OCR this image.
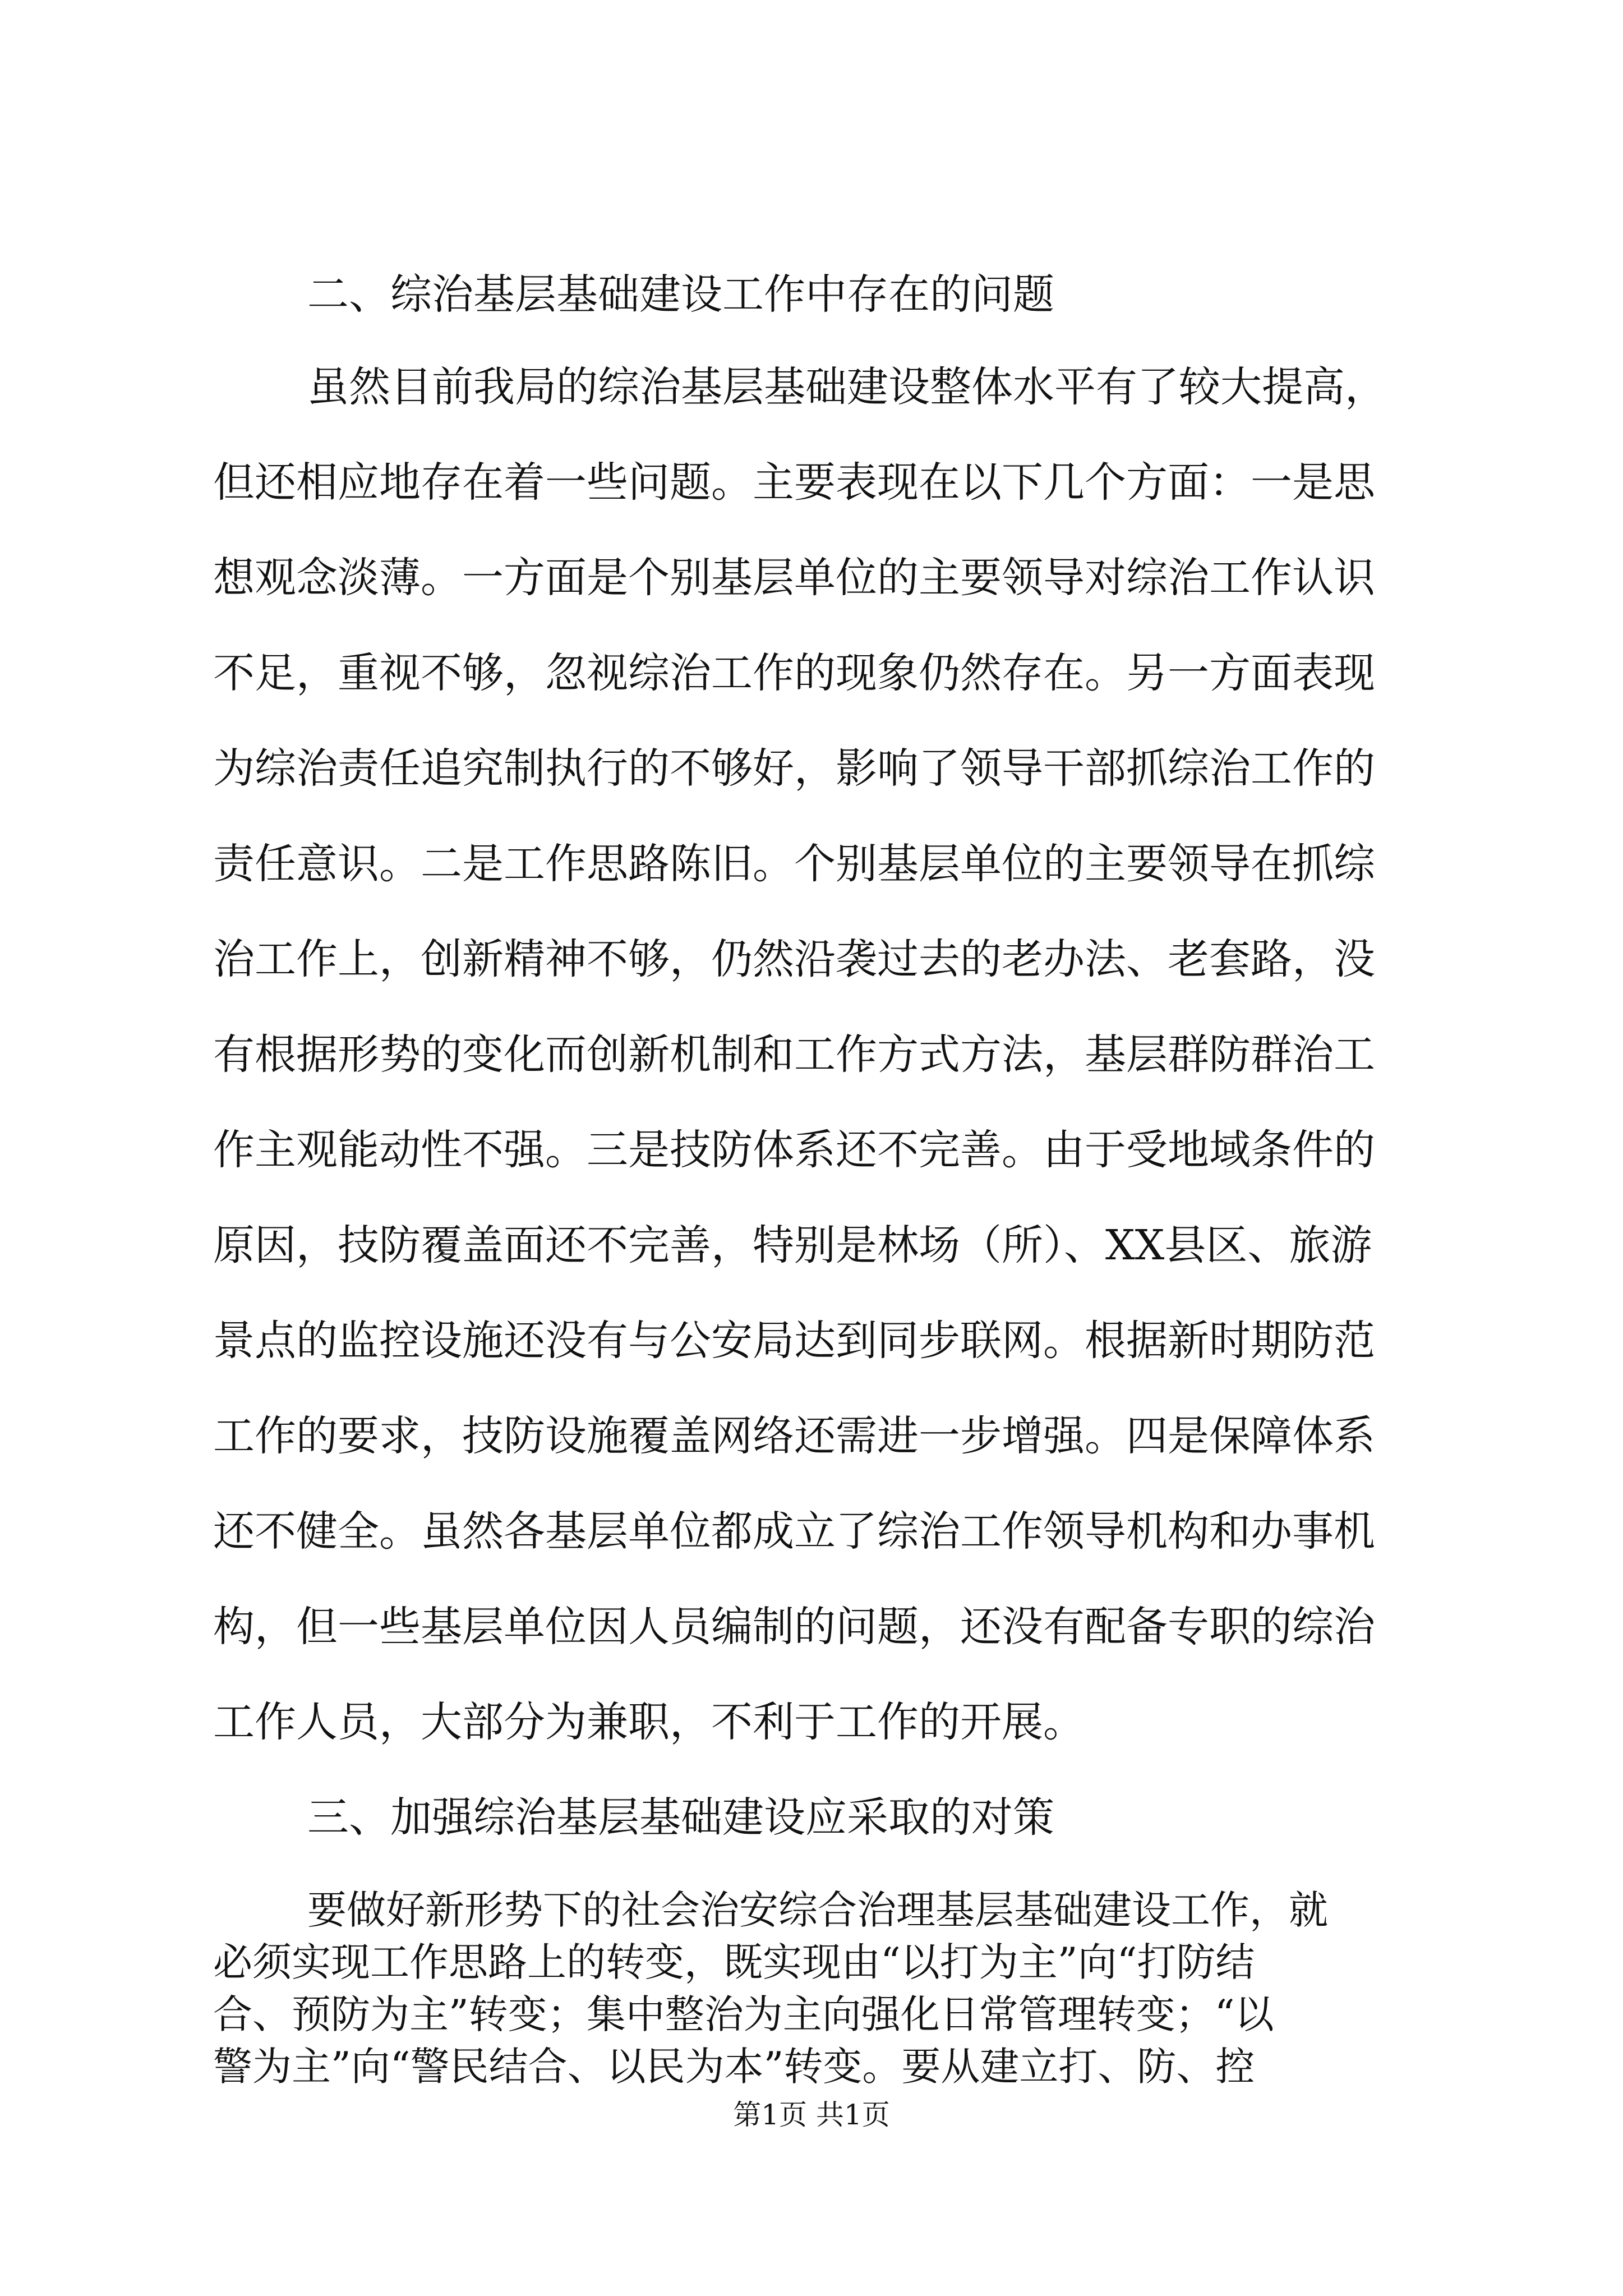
二、综治基层基础建设工作中存在的问题

虽然目前我局的综治基层基础建设整体水平有了较大提高，

但还相应地存在着一些问题。主要表现在以下几个方面：一是思

想观念淡薄。一方面是个别基层单位的主要领导对综治工作认识

不足，重视不够，忽视综治工作的现象仍然存在。另一方面表现

为综治责任追究制执行的不够好，影响了领导干部抓综治工作的

责任意识。二是工作思路陈旧。个别基层单位的主要领导在抓综

治工作上，创新精神不够，仍然沿袭过去的老办法、老套路，没

有根据形势的变化而创新机制和工作方式方法，基层群防群治工

作主观能动性不强。三是技防体系还不完善。由于受地域条件的

原因，技防覆盖面还不完善，特别是林场（所）、XX县区、旅游

景点的监控设施还没有与公安局达到同步联网。根据新时期防范

工作的要求，技防设施覆盖网络还需进一步增强。四是保障体系

还不健全。虽然各基层单位都成立了综治工作领导机构和办事机

构，但一些基层单位因人员编制的问题，还没有配备专职的综治

工作人员，大部分为兼职，不利于工作的开展。

三、加强综治基层基础建设应采取的对策

要做好新形势下的社会治安综合治理基层基础建设工作，就

必须实现工作思路上的转变，既实现由“以打为主”向“打防结

合、预防为主”转变；集中整治为主向强化日常管理转变；“以

警为主”向“警民结合、以民为本”转变。要从建立打、防、控

第1页 共1页
